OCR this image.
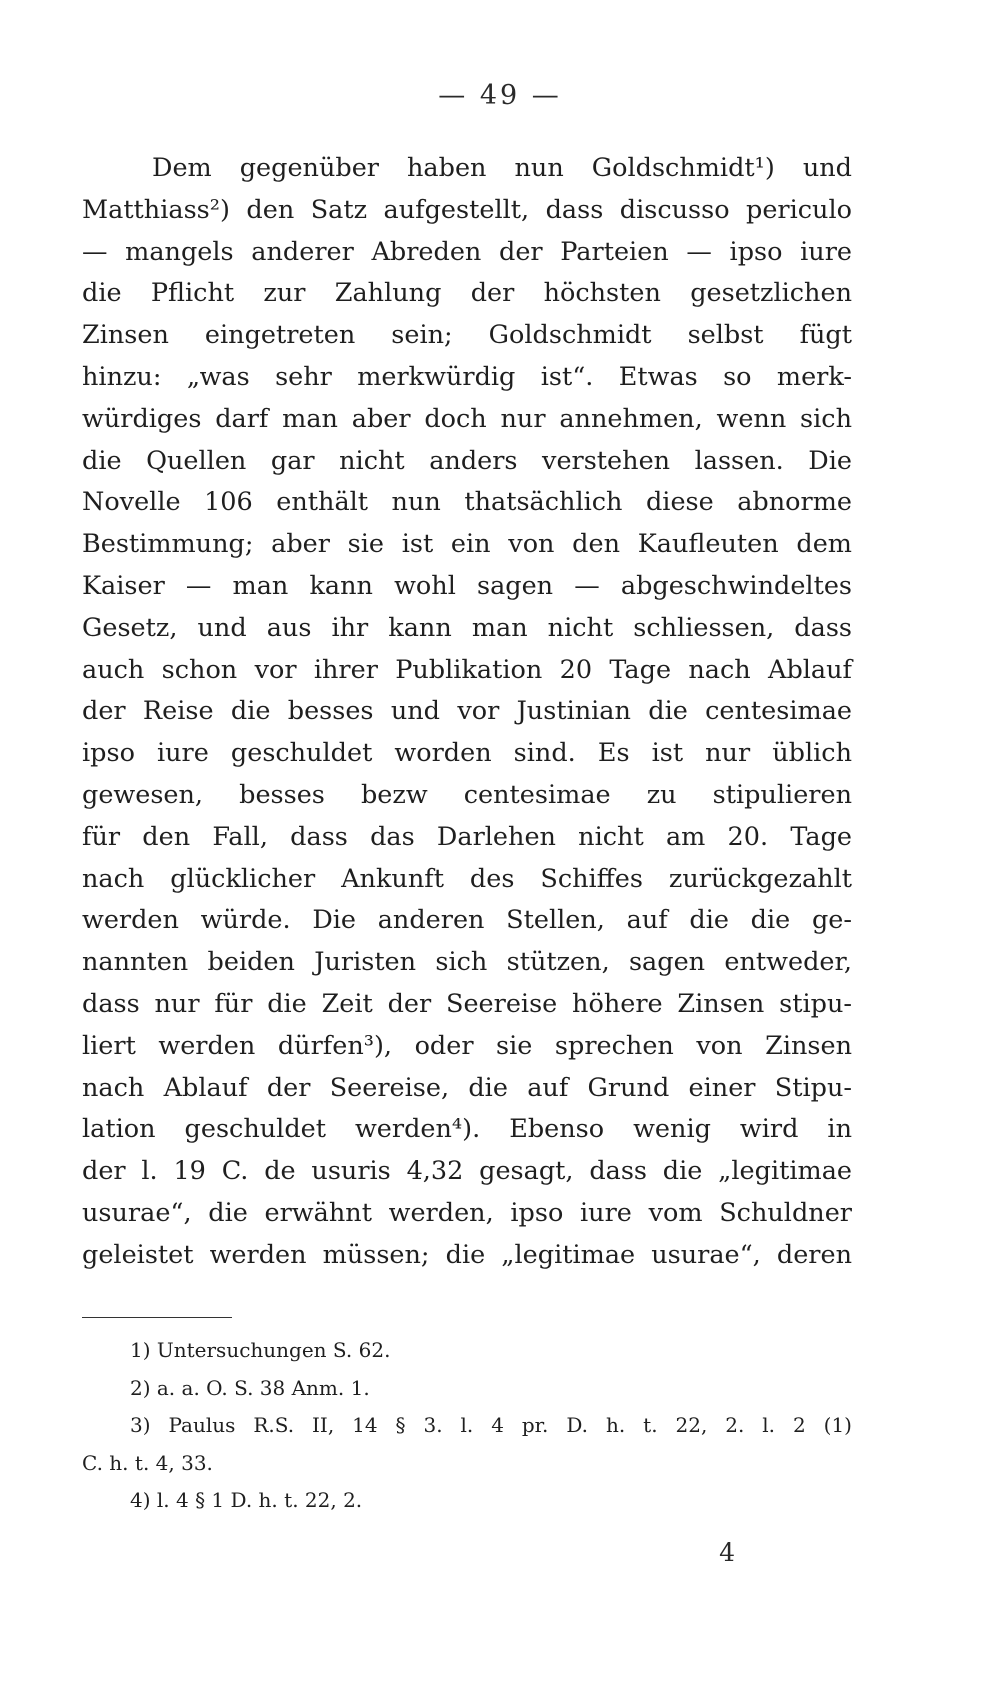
— 49 —
Dem gegenüber haben nun Goldschmidt¹) und
Matthiass²) den Satz aufgestellt, dass discusso periculo
— mangels anderer Abreden der Parteien — ipso iure
die Pflicht zur Zahlung der höchsten gesetzlichen
Zinsen eingetreten sein; Goldschmidt selbst fügt
hinzu: „was sehr merkwürdig ist“. Etwas so merk-
würdiges darf man aber doch nur annehmen, wenn sich
die Quellen gar nicht anders verstehen lassen. Die
Novelle 106 enthält nun thatsächlich diese abnorme
Bestimmung; aber sie ist ein von den Kaufleuten dem
Kaiser — man kann wohl sagen — abgeschwindeltes
Gesetz, und aus ihr kann man nicht schliessen, dass
auch schon vor ihrer Publikation 20 Tage nach Ablauf
der Reise die besses und vor Justinian die centesimae
ipso iure geschuldet worden sind. Es ist nur üblich
gewesen, besses bezw centesimae zu stipulieren
für den Fall, dass das Darlehen nicht am 20. Tage
nach glücklicher Ankunft des Schiffes zurückgezahlt
werden würde. Die anderen Stellen, auf die die ge-
nannten beiden Juristen sich stützen, sagen entweder,
dass nur für die Zeit der Seereise höhere Zinsen stipu-
liert werden dürfen³), oder sie sprechen von Zinsen
nach Ablauf der Seereise, die auf Grund einer Stipu-
lation geschuldet werden⁴). Ebenso wenig wird in
der l. 19 C. de usuris 4,32 gesagt, dass die „legitimae
usurae“, die erwähnt werden, ipso iure vom Schuldner
geleistet werden müssen; die „legitimae usurae“, deren
1) Untersuchungen S. 62.
2) a. a. O. S. 38 Anm. 1.
3) Paulus R.S. II, 14 § 3. l. 4 pr. D. h. t. 22, 2. l. 2 (1)
C. h. t. 4, 33.
4) l. 4 § 1 D. h. t. 22, 2.
4
